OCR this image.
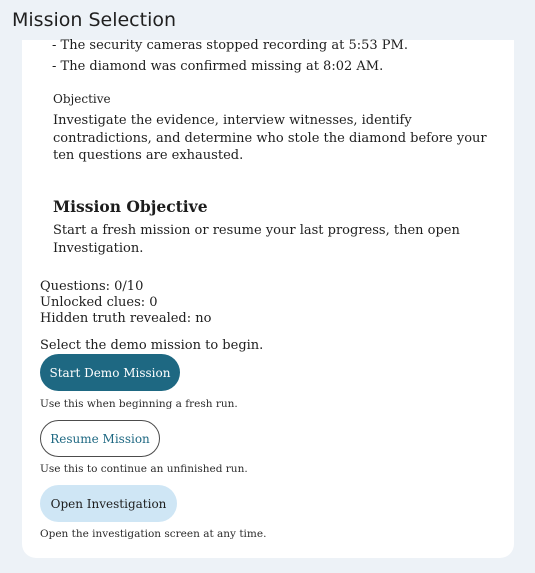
Mission Selection
- The security cameras stopped recording at 5:53 PM.
- The diamond was confirmed missing at 8:02 AM.
Objective
Investigate the evidence, interview witnesses, identify contradictions, and determine who stole the diamond before your ten questions are exhausted.
Mission Objective
Start a fresh mission or resume your last progress, then open Investigation.
Questions: 0/10
Unlocked clues: 0
Hidden truth revealed: no
Select the demo mission to begin.
Start Demo Mission
Use this when beginning a fresh run.
Resume Mission
Use this to continue an unfinished run.
Open Investigation
Open the investigation screen at any time.
